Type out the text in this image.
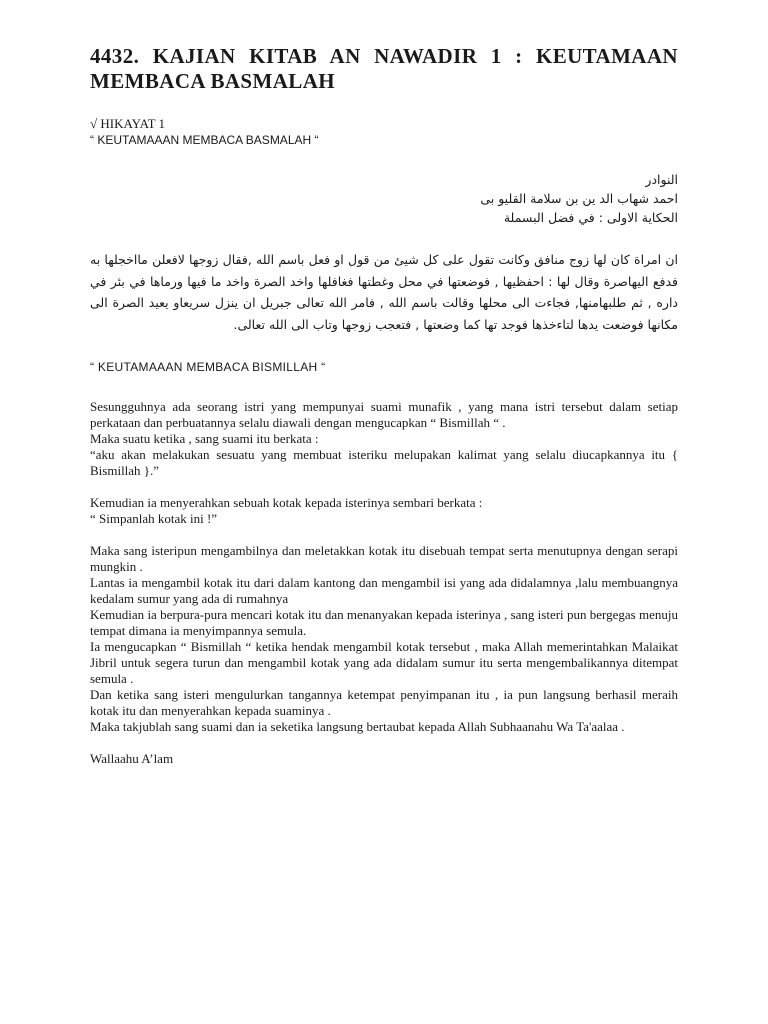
4432. KAJIAN KITAB AN NAWADIR 1 : KEUTAMAAN MEMBACA BASMALAH

√ HIKAYAT 1

“ KEUTAMAAAN MEMBACA BASMALAH “

النوادر
احمد شهاب الد ين بن سلامة القليو بى
الحكاية الاولى : في فضل البسملة
ان امراة كان لها زوج منافق وكانت تقول على كل شيئ من قول او فعل باسم الله ,فقال زوجها لافعلن مااخجلها به فدفع اليهاصرة وقال لها : احفظيها , فوضعتها في محل وغطتها فغافلها واخد الصرة واخد ما فيها ورماها في بئر في داره , ثم طلبهامنها, فجاءت الى محلها وقالت باسم الله , فامر الله تعالى جبريل ان ينزل سريعاو يعيد الصرة الى مكانها فوضعت يدها لتاءخذها فوجد تها كما وضعتها , فتعجب زوجها وتاب الى الله تعالى.
“ KEUTAMAAAN MEMBACA BISMILLAH “

Sesungguhnya ada seorang istri yang mempunyai suami munafik , yang mana istri tersebut dalam setiap perkataan dan perbuatannya selalu diawali dengan mengucapkan “ Bismillah “ .

Maka suatu ketika , sang suami itu berkata :

“aku akan melakukan sesuatu yang membuat isteriku melupakan kalimat yang selalu diucapkannya itu { Bismillah }.”

Kemudian ia menyerahkan sebuah kotak kepada isterinya sembari berkata :

“ Simpanlah kotak ini !”

Maka sang isteripun mengambilnya dan meletakkan kotak itu disebuah tempat serta menutupnya dengan serapi mungkin .

Lantas ia mengambil kotak itu dari dalam kantong dan mengambil isi yang ada didalamnya ,lalu membuangnya kedalam sumur yang ada di rumahnya

Kemudian ia berpura-pura mencari kotak itu dan menanyakan kepada isterinya , sang isteri pun bergegas menuju tempat dimana ia menyimpannya semula.

Ia mengucapkan “ Bismillah “ ketika hendak mengambil kotak tersebut , maka Allah memerintahkan Malaikat Jibril untuk segera turun dan mengambil kotak yang ada didalam sumur itu serta mengembalikannya ditempat semula .

Dan ketika sang isteri mengulurkan tangannya ketempat penyimpanan itu , ia pun langsung berhasil meraih kotak itu dan menyerahkan kepada suaminya .

Maka takjublah sang suami dan ia seketika langsung bertaubat kepada Allah Subhaanahu Wa Ta'aalaa .

Wallaahu A’lam
